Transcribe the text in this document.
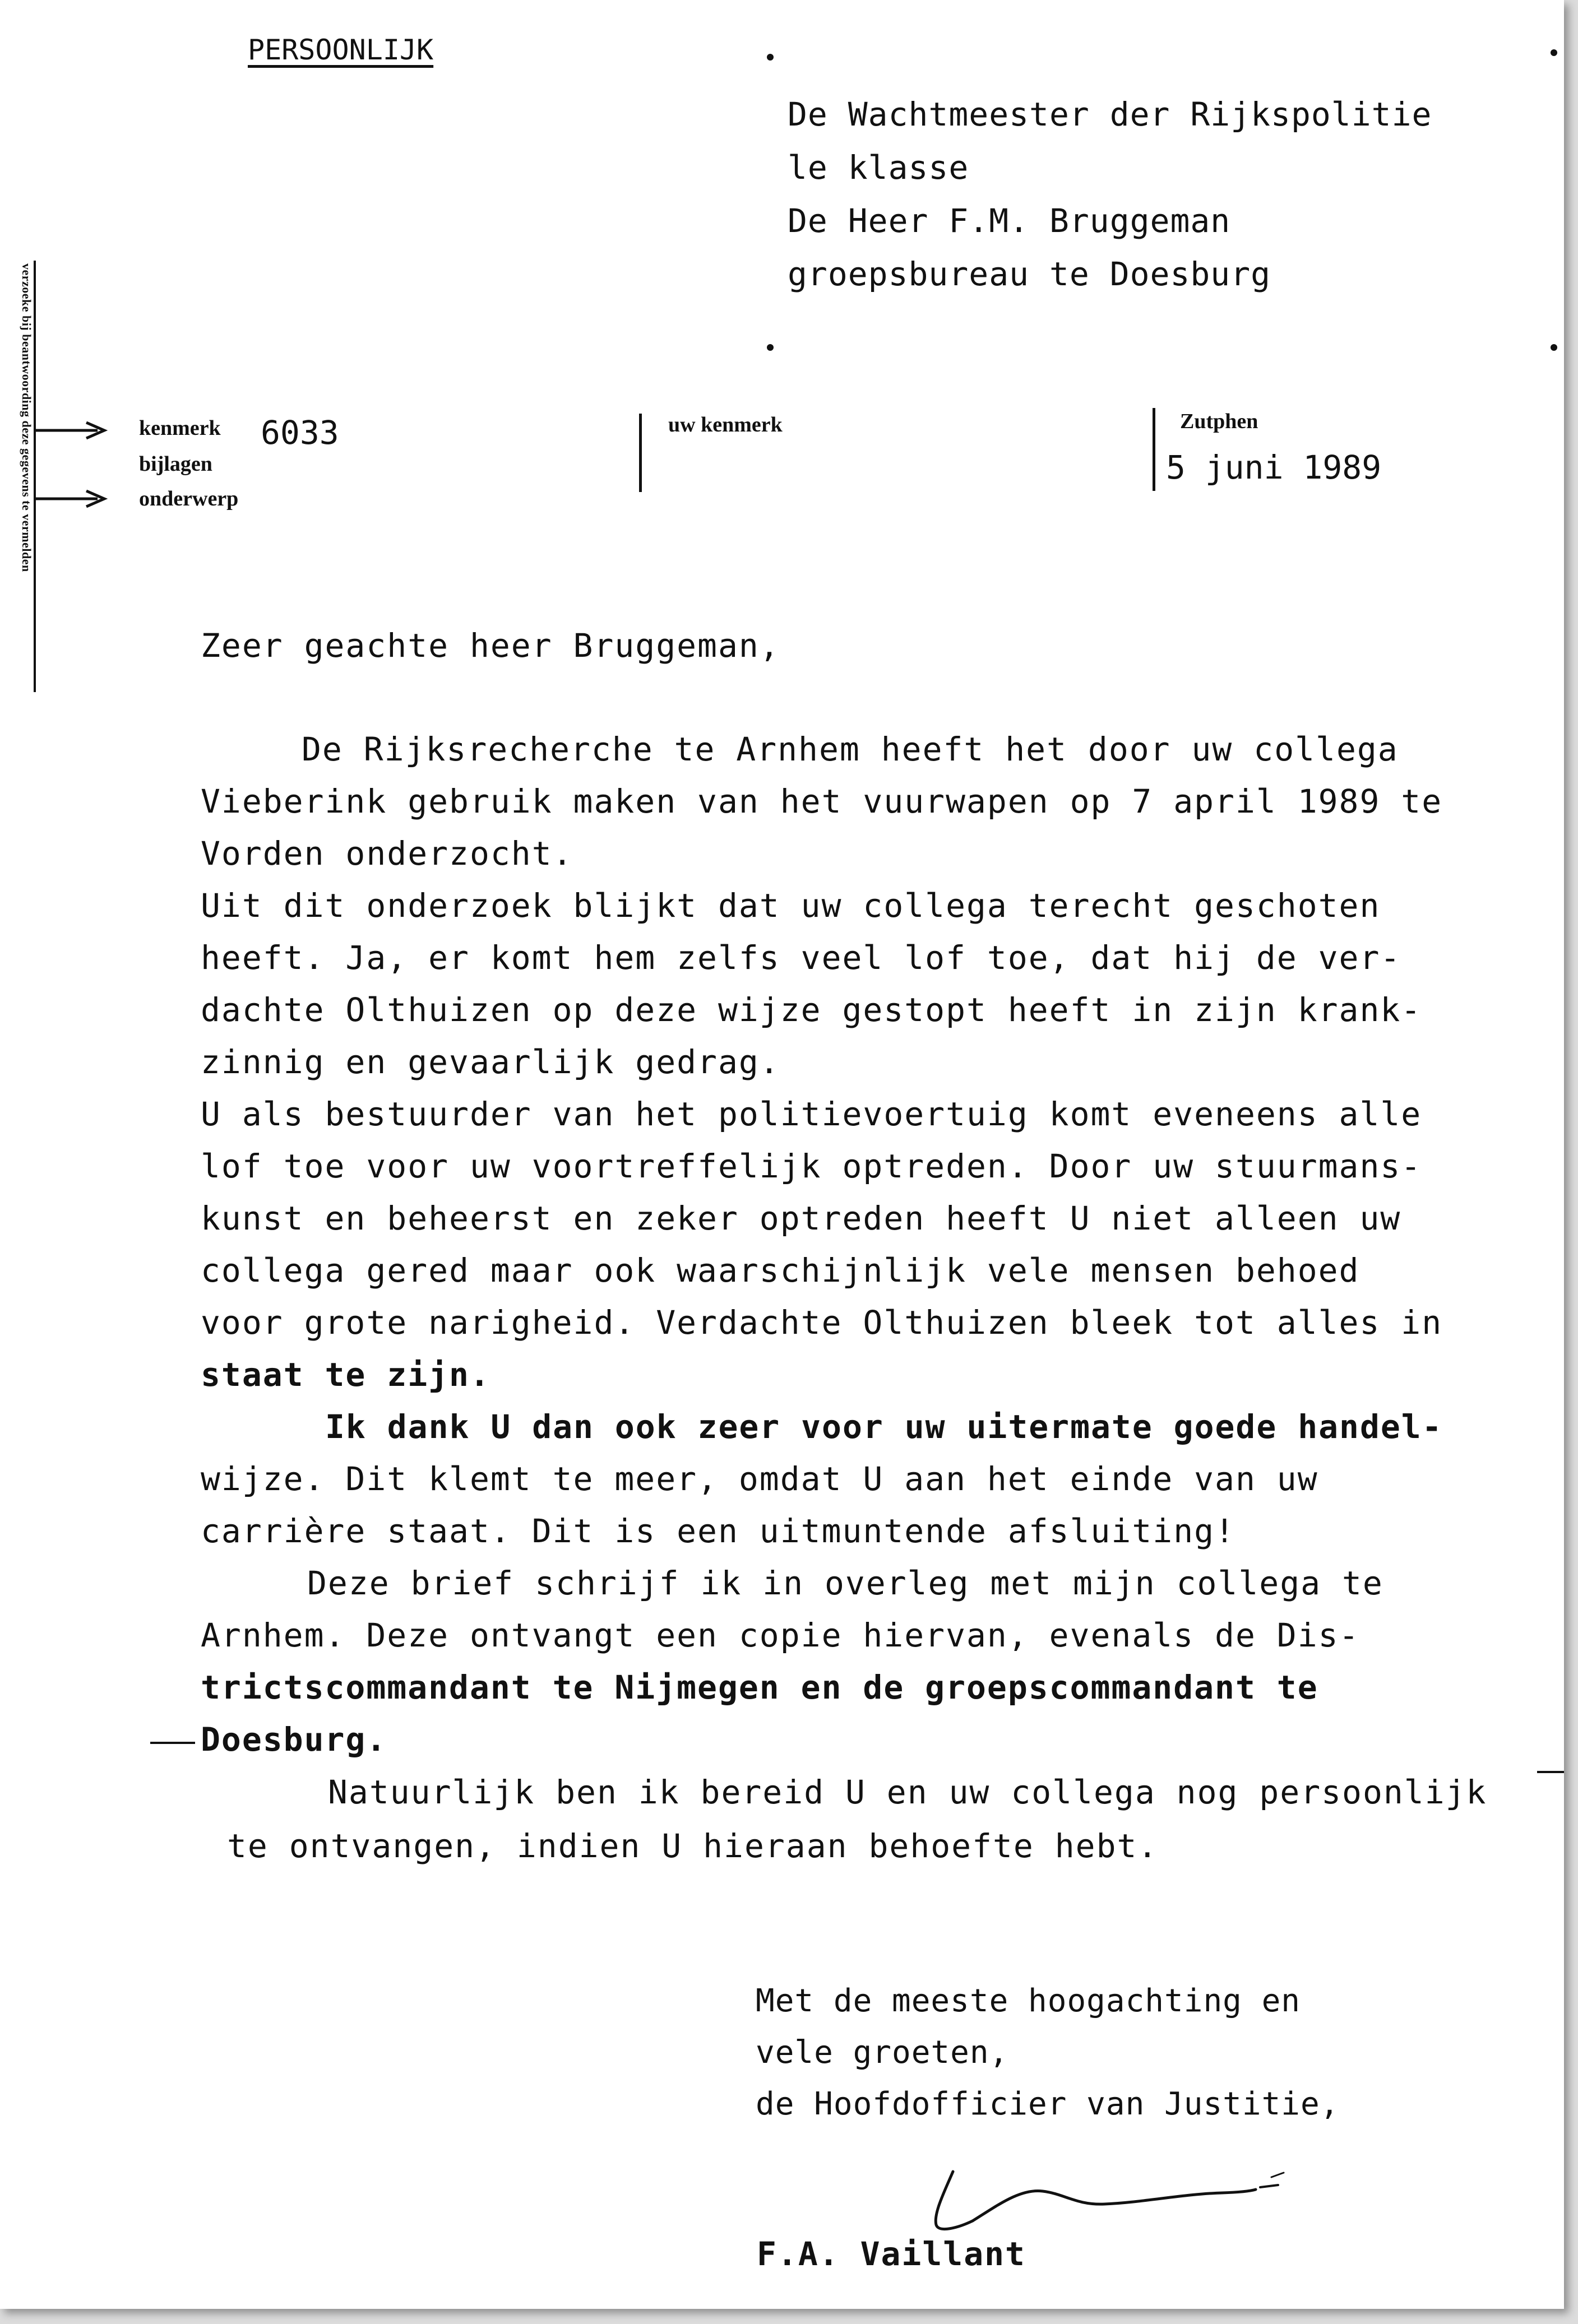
PERSOONLIJK
De Wachtmeester der Rijkspolitie
le klasse
De Heer F.M. Bruggeman
groepsbureau te Doesburg
verzoeke bij beantwoording deze gegevens te vermelden	kenmerk 6033
bijlagen
onderwerp
uw kenmerk	Zutphen
5 juni 1989
Zeer geachte heer Bruggeman,
De Rijksrecherche te Arnhem heeft het door uw collega
Vieberink gebruik maken van het vuurwapen op 7 april 1989 te
Vorden onderzocht.
Uit dit onderzoek blijkt dat uw collega terecht geschoten
heeft. Ja, er komt hem zelfs veel lof toe, dat hij de ver-
dachte Olthuizen op deze wijze gestopt heeft in zijn krank-
zinnig en gevaarlijk gedrag.
U als bestuurder van het politievoertuig komt eveneens alle
lof toe voor uw voortreffelijk optreden. Door uw stuurmans-
kunst en beheerst en zeker optreden heeft U niet alleen uw
collega gered maar ook waarschijnlijk vele mensen behoed
voor grote narigheid. Verdachte Olthuizen bleek tot alles in
staat te zijn.
Ik dank U dan ook zeer voor uw uitermate goede handel-
wijze. Dit klemt te meer, omdat U aan het einde van uw
carrière staat. Dit is een uitmuntende afsluiting!
Deze brief schrijf ik in overleg met mijn collega te
Arnhem. Deze ontvangt een copie hiervan, evenals de Dis-
trictscommandant te Nijmegen en de groepscommandant te
Doesburg.
Natuurlijk ben ik bereid U en uw collega nog persoonlijk
te ontvangen, indien U hieraan behoefte hebt.
Met de meeste hoogachting en
vele groeten,
de Hoofdofficier van Justitie,
F.A. Vaillant
